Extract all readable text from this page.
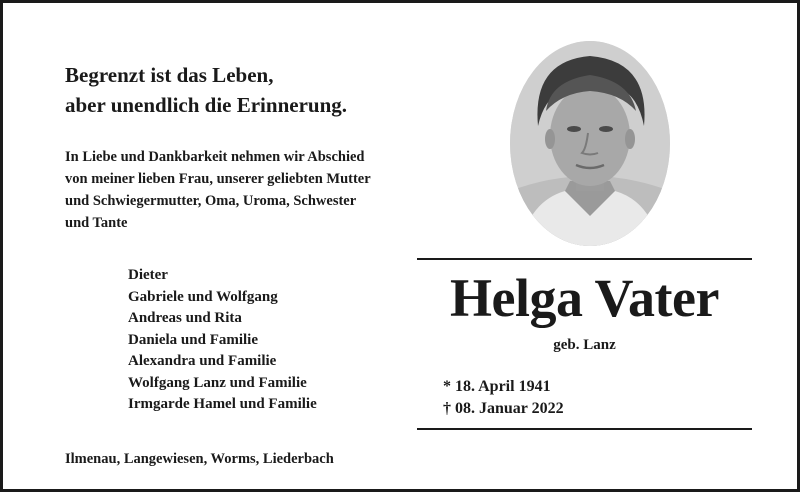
Begrenzt ist das Leben,
aber unendlich die Erinnerung.
In Liebe und Dankbarkeit nehmen wir Abschied
von meiner lieben Frau, unserer geliebten Mutter
und Schwiegermutter, Oma, Uroma, Schwester
und Tante
Dieter
Gabriele und Wolfgang
Andreas und Rita
Daniela und Familie
Alexandra und Familie
Wolfgang Lanz und Familie
Irmgarde Hamel und Familie
Ilmenau, Langewiesen, Worms, Liederbach
Helga Vater
geb. Lanz
* 18. April 1941
† 08. Januar 2022
